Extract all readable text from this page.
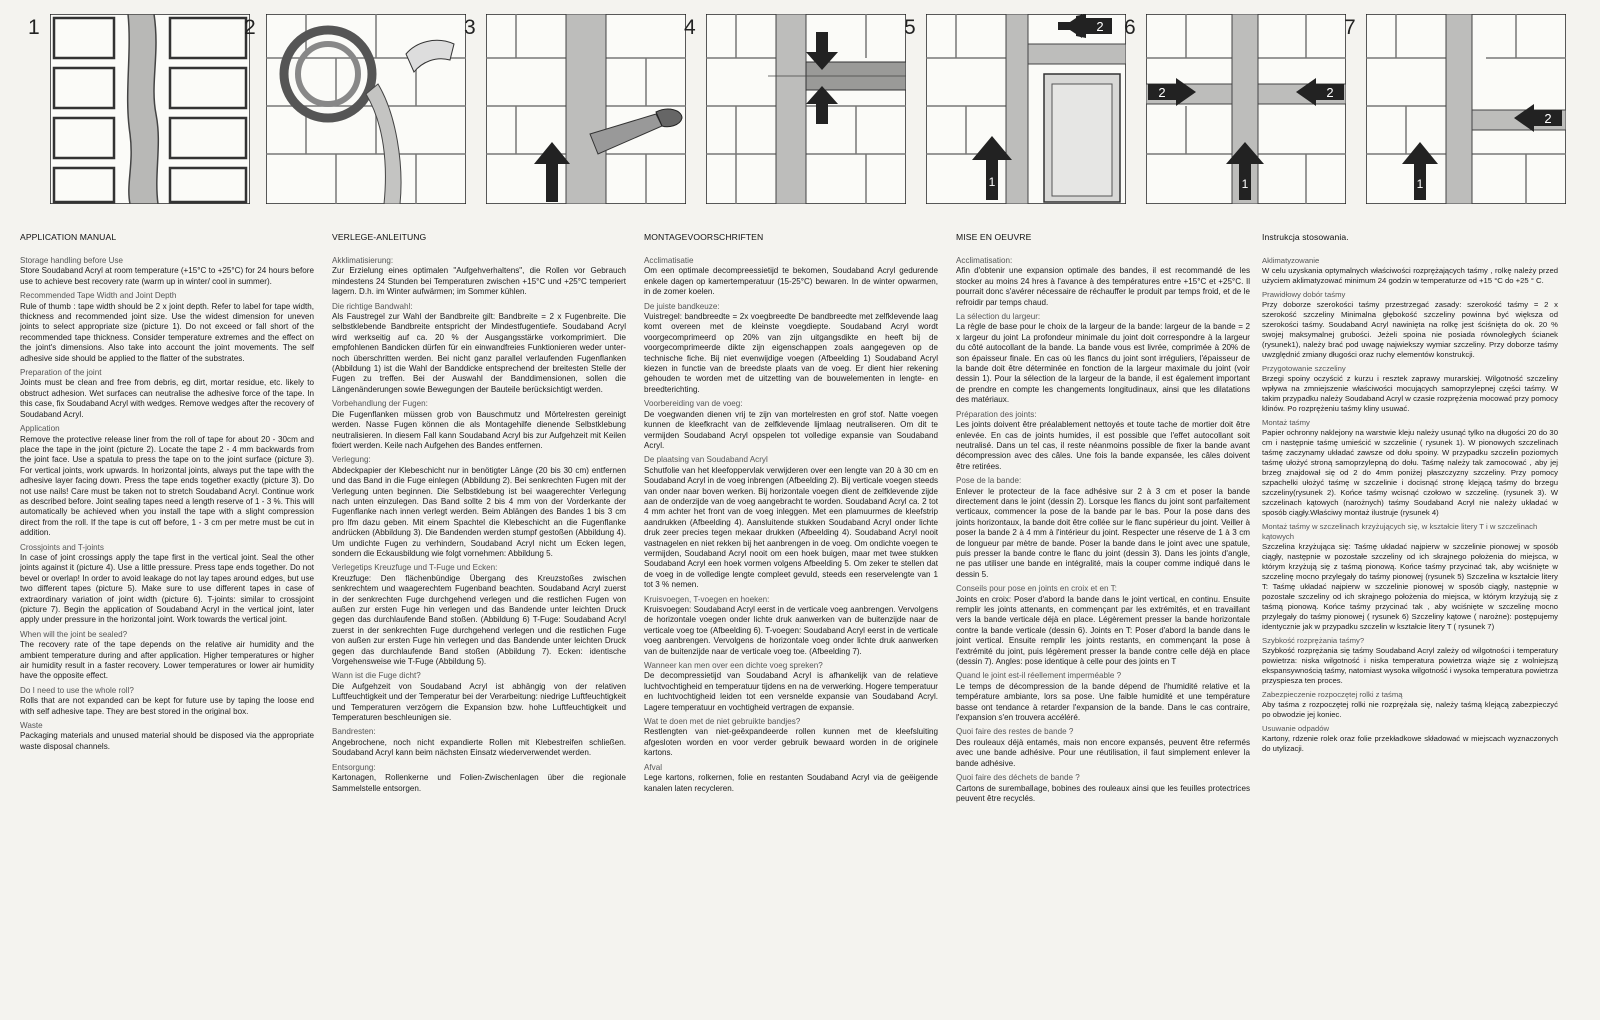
1	2	3	4	5	2
1
6
2	2
1
7
2
1
APPLICATION MANUAL
Storage handling before Use
Store Soudaband Acryl at room temperature (+15°C to +25°C) for 24 hours before use to achieve best recovery rate (warm up in winter/ cool in summer).
Recommended Tape Width and Joint Depth
Rule of thumb : tape width should be 2 x joint depth. Refer to label for tape width, thickness and recommended joint size. Use the widest dimension for uneven joints to select appropriate size (picture 1). Do not exceed or fall short of the recommended tape thickness. Consider temperature extremes and the effect on the joint's dimensions. Also take into account the joint movements. The self adhesive side should be applied to the flatter of the substrates.
Preparation of the joint
Joints must be clean and free from debris, eg dirt, mortar residue, etc. likely to obstruct adhesion. Wet surfaces can neutralise the adhesive force of the tape. In this case, fix Soudaband Acryl with wedges. Remove wedges after the recovery of Soudaband Acryl.
Application
Remove the protective release liner from the roll of tape for about 20 - 30cm and place the tape in the joint (picture 2). Locate the tape 2 - 4 mm backwards from the joint face. Use a spatula to press the tape on to the joint surface (picture 3). For vertical joints, work upwards. In horizontal joints, always put the tape with the adhesive layer facing down. Press the tape ends together exactly (picture 3). Do not use nails! Care must be taken not to stretch Soudaband Acryl. Continue work as described before. Joint sealing tapes need a length reserve of 1 - 3 %. This will automatically be achieved when you install the tape with a slight compression direct from the roll. If the tape is cut off before, 1 - 3 cm per metre must be cut in addition.
Crossjoints and T-joints
In case of joint crossings apply the tape first in the vertical joint. Seal the other joints against it (picture 4). Use a little pressure. Press tape ends together. Do not bevel or overlap! In order to avoid leakage do not lay tapes around edges, but use two different tapes (picture 5). Make sure to use different tapes in case of extraordinary variation of joint width (picture 6). T-joints: similar to crossjoint (picture 7). Begin the application of Soudaband Acryl in the vertical joint, later apply under pressure in the horizontal joint. Work towards the vertical joint.
When will the joint be sealed?
The recovery rate of the tape depends on the relative air humidity and the ambient temperature during and after application. Higher temperatures or higher air humidity result in a faster recovery. Lower temperatures or lower air humidity have the opposite effect.
Do I need to use the whole roll?
Rolls that are not expanded can be kept for future use by taping the loose end with self adhesive tape. They are best stored in the original box.
Waste
Packaging materials and unused material should be disposed via the appropriate waste disposal channels.
VERLEGE-ANLEITUNG
Akklimatisierung:
Zur Erzielung eines optimalen "Aufgehverhaltens", die Rollen vor Gebrauch mindestens 24 Stunden bei Temperaturen zwischen +15°C und +25°C temperiert lagern. D.h. im Winter aufwärmen; im Sommer kühlen.
Die richtige Bandwahl:
Als Faustregel zur Wahl der Bandbreite gilt: Bandbreite = 2 x Fugenbreite. Die selbstklebende Bandbreite entspricht der Mindestfugentiefe. Soudaband Acryl wird werkseitig auf ca. 20 % der Ausgangsstärke vorkomprimiert. Die empfohlenen Bandicken dürfen für ein einwandfreies Funktionieren weder unter- noch überschritten werden. Bei nicht ganz parallel verlaufenden Fugenflanken (Abbildung 1) ist die Wahl der Banddicke entsprechend der breitesten Stelle der Fugen zu treffen. Bei der Auswahl der Banddimensionen, sollen die Längenänderungen sowie Bewegungen der Bauteile berücksichtigt werden.
Vorbehandlung der Fugen:
Die Fugenflanken müssen grob von Bauschmutz und Mörtelresten gereinigt werden. Nasse Fugen können die als Montagehilfe dienende Selbstklebung neutralisieren. In diesem Fall kann Soudaband Acryl bis zur Aufgehzeit mit Keilen fixiert werden. Keile nach Aufgehen des Bandes entfernen.
Verlegung:
Abdeckpapier der Klebeschicht nur in benötigter Länge (20 bis 30 cm) entfernen und das Band in die Fuge einlegen (Abbildung 2). Bei senkrechten Fugen mit der Verlegung unten beginnen. Die Selbstklebung ist bei waagerechter Verlegung nach unten einzulegen. Das Band sollte 2 bis 4 mm von der Vorderkante der Fugenflanke nach innen verlegt werden. Beim Ablängen des Bandes 1 bis 3 cm pro lfm dazu geben. Mit einem Spachtel die Klebeschicht an die Fugenflanke andrücken (Abbildung 3). Die Bandenden werden stumpf gestoßen (Abbildung 4). Um undichte Fugen zu verhindern, Soudaband Acryl nicht um Ecken legen, sondern die Eckausbildung wie folgt vornehmen: Abbildung 5.
Verlegetips Kreuzfuge und T-Fuge und Ecken:
Kreuzfuge: Den flächenbündige Übergang des Kreuzstoßes zwischen senkrechtem und waagerechtem Fugenband beachten. Soudaband Acryl zuerst in der senkrechten Fuge durchgehend verlegen und die restlichen Fugen von außen zur ersten Fuge hin verlegen und das Bandende unter leichten Druck gegen das durchlaufende Band stoßen. (Abbildung 6) T-Fuge: Soudaband Acryl zuerst in der senkrechten Fuge durchgehend verlegen und die restlichen Fuge von außen zur ersten Fuge hin verlegen und das Bandende unter leichten Druck gegen das durchlaufende Band stoßen (Abbildung 7). Ecken: identische Vorgehensweise wie T-Fuge (Abbildung 5).
Wann ist die Fuge dicht?
Die Aufgehzeit von Soudaband Acryl ist abhängig von der relativen Luftfeuchtigkeit und der Temperatur bei der Verarbeitung: niedrige Luftfeuchtigkeit und Temperaturen verzögern die Expansion bzw. hohe Luftfeuchtigkeit und Temperaturen beschleunigen sie.
Bandresten:
Angebrochene, noch nicht expandierte Rollen mit Klebestreifen schließen. Soudaband Acryl kann beim nächsten Einsatz wiederverwendet werden.
Entsorgung:
Kartonagen, Rollenkerne und Folien-Zwischenlagen über die regionale Sammelstelle entsorgen.
MONTAGEVOORSCHRIFTEN
Acclimatisatie
Om een optimale decompreessietijd te bekomen, Soudaband Acryl gedurende enkele dagen op kamertemperatuur (15-25°C) bewaren. In de winter opwarmen, in de zomer koelen.
De juiste bandkeuze:
Vuistregel: bandbreedte = 2x voegbreedte De bandbreedte met zelfklevende laag komt overeen met de kleinste voegdiepte. Soudaband Acryl wordt voorgecomprimeerd op 20% van zijn uitgangsdikte en heeft bij de voorgecomprimeerde dikte zijn eigenschappen zoals aangegeven op de technische fiche. Bij niet evenwijdige voegen (Afbeelding 1) Soudaband Acryl kiezen in functie van de breedste plaats van de voeg. Er dient hier rekening gehouden te worden met de uitzetting van de bouwelementen in lengte- en breedterichting.
Voorbereiding van de voeg:
De voegwanden dienen vrij te zijn van mortelresten en grof stof. Natte voegen kunnen de kleefkracht van de zelfklevende lijmlaag neutraliseren. Om dit te vermijden Soudaband Acryl opspelen tot volledige expansie van Soudaband Acryl.
De plaatsing van Soudaband Acryl
Schutfolie van het kleefoppervlak verwijderen over een lengte van 20 à 30 cm en Soudaband Acryl in de voeg inbrengen (Afbeelding 2). Bij verticale voegen steeds van onder naar boven werken. Bij horizontale voegen dient de zelfklevende zijde aan de onderzijde van de voeg aangebracht te worden. Soudaband Acryl ca. 2 tot 4 mm achter het front van de voeg inleggen. Met een plamuurmes de kleefstrip aandrukken (Afbeelding 4). Aansluitende stukken Soudaband Acryl onder lichte druk zeer precies tegen mekaar drukken (Afbeelding 4). Soudaband Acryl nooit vastnagelen en niet rekken bij het aanbrengen in de voeg. Om ondichte voegen te vermijden, Soudaband Acryl nooit om een hoek buigen, maar met twee stukken Soudaband Acryl een hoek vormen volgens Afbeelding 5. Om zeker te stellen dat de voeg in de volledige lengte compleet gevuld, steeds een reservelengte van 1 tot 3 % nemen.
Kruisvoegen, T-voegen en hoeken:
Kruisvoegen: Soudaband Acryl eerst in de verticale voeg aanbrengen. Vervolgens de horizontale voegen onder lichte druk aanwerken van de buitenzijde naar de verticale voeg toe (Afbeelding 6). T-voegen: Soudaband Acryl eerst in de verticale voeg aanbrengen. Vervolgens de horizontale voeg onder lichte druk aanwerken van de buitenzijde naar de verticale voeg toe. (Afbeelding 7).
Wanneer kan men over een dichte voeg spreken?
De decompressietijd van Soudaband Acryl is afhankelijk van de relatieve luchtvochtigheid en temperatuur tijdens en na de verwerking. Hogere temperatuur en luchtvochtigheid leiden tot een versnelde expansie van Soudaband Acryl. Lagere temperatuur en vochtigheid vertragen de expansie.
Wat te doen met de niet gebruikte bandjes?
Restlengten van niet-geëxpandeerde rollen kunnen met de kleefsluiting afgesloten worden en voor verder gebruik bewaard worden in de originele kartons.
Afval
Lege kartons, rolkernen, folie en restanten Soudaband Acryl via de geëigende kanalen laten recycleren.
MISE EN OEUVRE
Acclimatisation:
Afin d'obtenir une expansion optimale des bandes, il est recommandé de les stocker au moins 24 hres à l'avance à des températures entre +15°C et +25°C. Il pourrait donc s'avérer nécessaire de réchauffer le produit par temps froid, et de le refroidir par temps chaud.
La sélection du largeur:
La règle de base pour le choix de la largeur de la bande: largeur de la bande = 2 x largeur du joint La profondeur minimale du joint doit correspondre à la largeur du côté autocollant de la bande. La bande vous est livrée, comprimée à 20% de son épaisseur finale. En cas où les flancs du joint sont irréguliers, l'épaisseur de la bande doit être déterminée en fonction de la largeur maximale du joint (voir dessin 1). Pour la sélection de la largeur de la bande, il est également important de prendre en compte les changements longitudinaux, ainsi que les dilatations des matériaux.
Préparation des joints:
Les joints doivent être préalablement nettoyés et toute tache de mortier doit être enlevée. En cas de joints humides, il est possible que l'effet autocollant soit neutralisé. Dans un tel cas, il reste néanmoins possible de fixer la bande avant décompression avec des câles. Une fois la bande expansée, les câles doivent être retirées.
Pose de la bande:
Enlever le protecteur de la face adhésive sur 2 à 3 cm et poser la bande directement dans le joint (dessin 2). Lorsque les flancs du joint sont parfaitement verticaux, commencer la pose de la bande par le bas. Pour la pose dans des joints horizontaux, la bande doit être collée sur le flanc supérieur du joint. Veiller à poser la bande 2 à 4 mm à l'intérieur du joint. Respecter une réserve de 1 à 3 cm de longueur par mètre de bande. Poser la bande dans le joint avec une spatule, puis presser la bande contre le flanc du joint (dessin 3). Dans les joints d'angle, ne pas utiliser une bande en intégralité, mais la couper comme indiqué dans le dessin 5.
Conseils pour pose en joints en croix et en T:
Joints en croix: Poser d'abord la bande dans le joint vertical, en continu. Ensuite remplir les joints attenants, en commençant par les extrémités, et en travaillant vers la bande verticale déjà en place. Légèrement presser la bande horizontale contre la bande verticale (dessin 6). Joints en T: Poser d'abord la bande dans le joint vertical. Ensuite remplir les joints restants, en commençant la pose à l'extrémité du joint, puis légèrement presser la bande contre celle déjà en place (dessin 7). Angles: pose identique à celle pour des joints en T
Quand le joint est-il réellement imperméable ?
Le temps de décompression de la bande dépend de l'humidité relative et la température ambiante, lors sa pose. Une faible humidité et une température basse ont tendance à retarder l'expansion de la bande. Dans le cas contraire, l'expansion s'en trouvera accéléré.
Quoi faire des restes de bande ?
Des rouleaux déjà entamés, mais non encore expansés, peuvent être refermés avec une bande adhésive. Pour une réutilisation, il faut simplement enlever la bande adhésive.
Quoi faire des déchets de bande ?
Cartons de suremballage, bobines des rouleaux ainsi que les feuilles protectrices peuvent être recyclés.
Instrukcja stosowania.
Aklimatyzowanie
W celu uzyskania optymalnych właściwości rozprężających taśmy , rolkę należy przed użyciem aklimatyzować minimum 24 godzin w temperaturze od +15 °C do +25 ° C.
Prawidłowy dobór taśmy
Przy doborze szerokości taśmy przestrzegać zasady: szerokość taśmy = 2 x szerokość szczeliny Minimalna głębokość szczeliny powinna być większa od szerokości taśmy. Soudaband Acryl nawinięta na rolkę jest ściśnięta do ok. 20 % swojej maksymalnej grubości. Jeżeli spoina nie posiada równoległych ścianek (rysunek1), należy brać pod uwagę najwiekszy wymiar szczeliny. Przy doborze taśmy uwzględnić zmiany długości oraz ruchy elementów konstrukcji.
Przygotowanie szczeliny
Brzegi spoiny oczyścić z kurzu i resztek zaprawy murarskiej. Wilgotność szczeliny wpływa na zmniejszenie właściwości mocujących samoprzylepnej części taśmy. W takim przypadku należy Soudaband Acryl w czasie rozprężenia mocować przy pomocy klinów. Po rozprężeniu taśmy kliny usuwać.
Montaż taśmy
Papier ochronny naklejony na warstwie kleju należy usunąć tylko na długości 20 do 30 cm i następnie taśmę umieścić w szczelinie ( rysunek 1). W pionowych szczelinach taśmę zaczynamy układać zawsze od dołu spoiny. W przypadku szczelin poziomych taśmę ułożyć stroną samoprzylepną do dołu. Taśmę należy tak zamocować , aby jej brzeg znajdował się od 2 do 4mm poniżej płaszczyzny szczeliny. Przy pomocy szpachelki ułożyć taśmę w szczelinie i docisnąć stronę klejącą taśmy do brzegu szczeliny(rysunek 2). Końce taśmy wcisnąć czołowo w szczelinę. (rysunek 3). W szczelinach kątowych (narożnych) taśmy Soudaband Acryl nie należy układać w sposób ciągły.Właściwy montaż ilustruje (rysunek 4)
Montaż taśmy w szczelinach krzyżujących się, w kształcie litery T i w szczelinach kątowych
Szczelina krzyżująca się: Taśmę układać najpierw w szczelinie pionowej w sposób ciągły, następnie w pozostałe szczeliny od ich skrajnego położenia do miejsca, w którym krzyżują się z taśmą pionową. Końce taśmy przycinać tak, aby wciśnięte w szczelinę mocno przylegały do taśmy pionowej (rysunek 5) Szczelina w kształcie litery T: Taśmę układać najpierw w szczelinie pionowej w sposób ciągły, następnie w pozostałe szczeliny od ich skrajnego położenia do miejsca, w którym krzyżują się z taśmą pionową. Końce taśmy przycinać tak , aby wciśnięte w szczelinę mocno przylegały do taśmy pionowej ( rysunek 6) Szczeliny kątowe ( narożne): postępujemy identycznie jak w przypadku szczelin w kształcie litery T ( rysunek 7)
Szybkość rozprężania taśmy?
Szybkość rozprężania się taśmy Soudaband Acryl zależy od wilgotności i temperatury powietrza: niska wilgotność i niska temperatura powietrza wiąże się z wolniejszą ekspansywnością taśmy, natomiast wysoka wilgotność i wysoka temperatura powietrza przyspiesza ten proces.
Zabezpieczenie rozpoczętej rolki z taśmą
Aby taśma z rozpoczętej rolki nie rozprężała się, należy taśmą klejącą zabezpieczyć po obwodzie jej koniec.
Usuwanie odpadów
Kartony, rdzenie rolek oraz folie przekładkowe składować w miejscach wyznaczonych do utylizacji.
